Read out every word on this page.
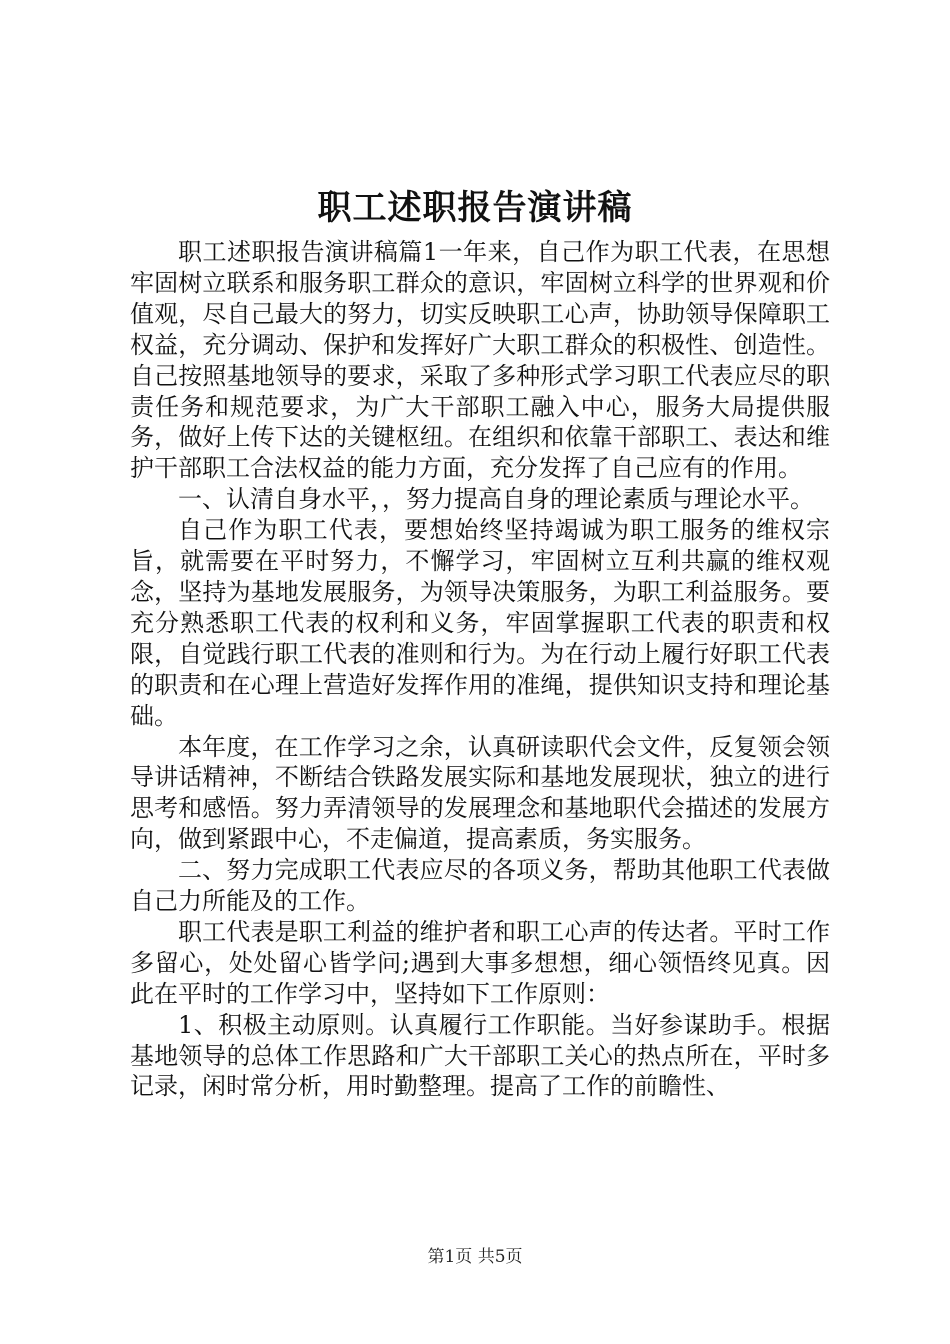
职工述职报告演讲稿

职工述职报告演讲稿篇1一年来，自己作为职工代表，在思想牢固树立联系和服务职工群众的意识，牢固树立科学的世界观和价值观，尽自己最大的努力，切实反映职工心声，协助领导保障职工权益，充分调动、保护和发挥好广大职工群众的积极性、创造性。自己按照基地领导的要求，采取了多种形式学习职工代表应尽的职责任务和规范要求，为广大干部职工融入中心，服务大局提供服务，做好上传下达的关键枢纽。在组织和依靠干部职工、表达和维护干部职工合法权益的能力方面，充分发挥了自己应有的作用。

一、认清自身水平，，努力提高自身的理论素质与理论水平。

自己作为职工代表，要想始终坚持竭诚为职工服务的维权宗旨，就需要在平时努力，不懈学习，牢固树立互利共赢的维权观念，坚持为基地发展服务，为领导决策服务，为职工利益服务。要充分熟悉职工代表的权利和义务，牢固掌握职工代表的职责和权限，自觉践行职工代表的准则和行为。为在行动上履行好职工代表的职责和在心理上营造好发挥作用的准绳，提供知识支持和理论基础。

本年度，在工作学习之余，认真研读职代会文件，反复领会领导讲话精神，不断结合铁路发展实际和基地发展现状，独立的进行思考和感悟。努力弄清领导的发展理念和基地职代会描述的发展方向，做到紧跟中心，不走偏道，提高素质，务实服务。

二、努力完成职工代表应尽的各项义务，帮助其他职工代表做自己力所能及的工作。

职工代表是职工利益的维护者和职工心声的传达者。平时工作多留心，处处留心皆学问;遇到大事多想想，细心领悟终见真。因此在平时的工作学习中，坚持如下工作原则：

1、积极主动原则。认真履行工作职能。当好参谋助手。根据基地领导的总体工作思路和广大干部职工关心的热点所在，平时多记录，闲时常分析，用时勤整理。提高了工作的前瞻性、

第1页 共5页
